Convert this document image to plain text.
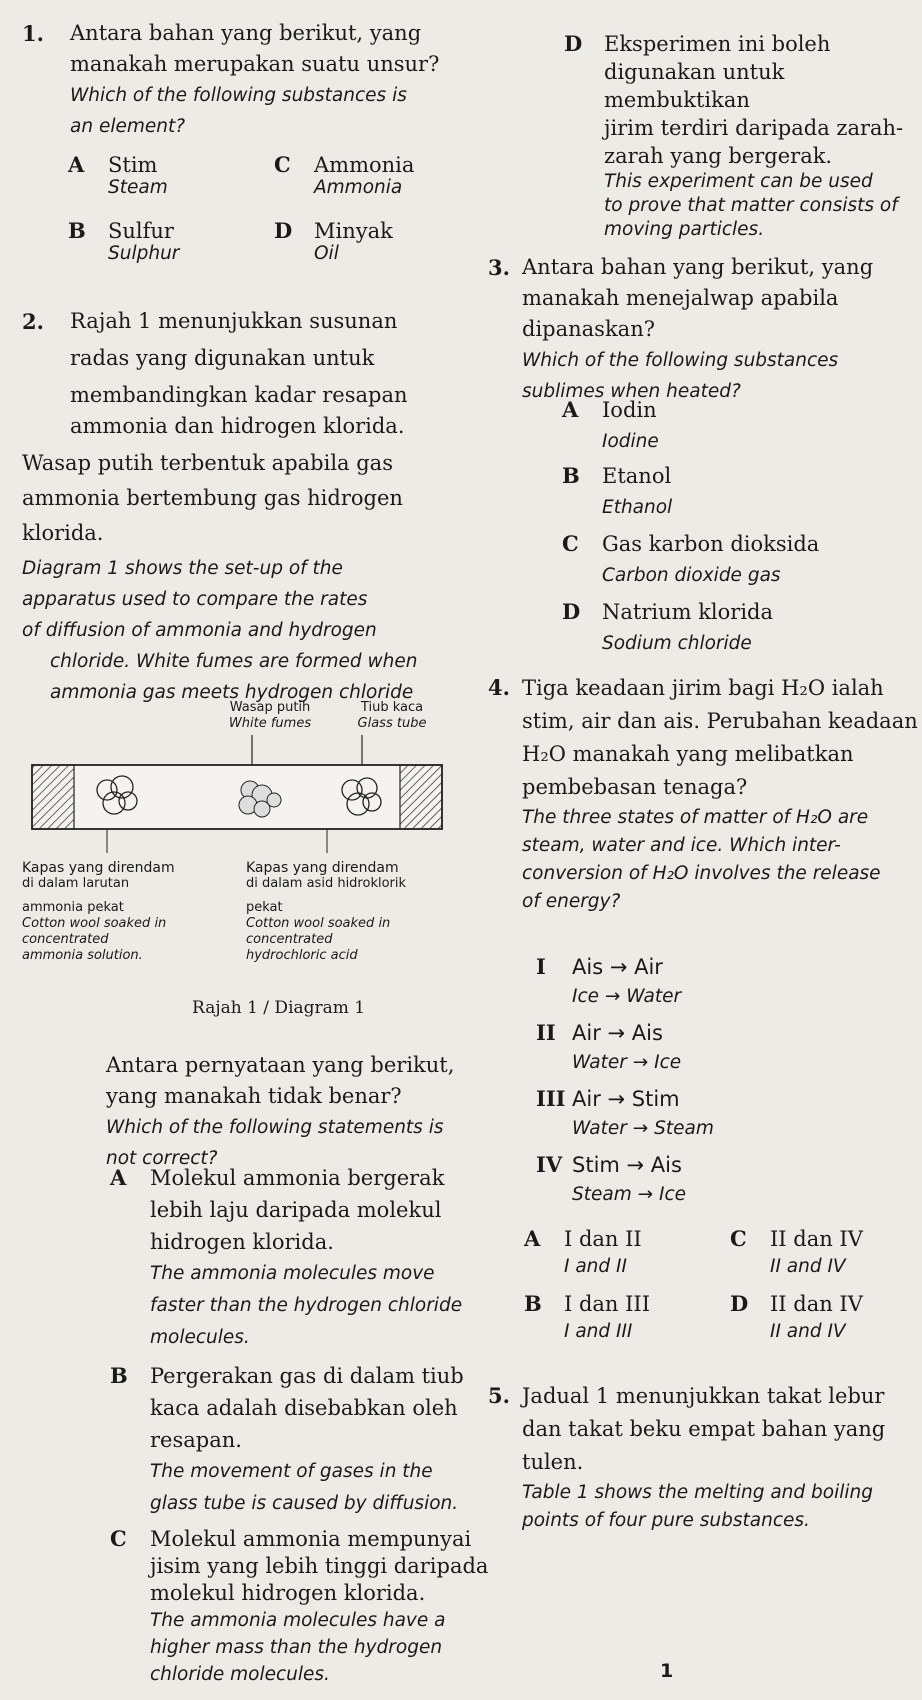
1. Antara bahan yang berikut, yang
manakah merupakan suatu unsur?
Which of the following substances is
an element?
A Stim
Steam
C Ammonia
Ammonia
B Sulfur
Sulphur
D Minyak
Oil
2. Rajah 1 menunjukkan susunan
radas yang digunakan untuk
membandingkan kadar resapan
ammonia dan hidrogen klorida.
Wasap putih terbentuk apabila gas
ammonia bertembung gas hidrogen
klorida.
Diagram 1 shows the set-up of the
apparatus used to compare the rates
of diffusion of ammonia and hydrogen
chloride. White fumes are formed when
ammonia gas meets hydrogen chloride
Wasap putih
White fumes
Tiub kaca
Glass tube
Kapas yang direndam
di dalam larutan
ammonia pekat
Cotton wool soaked in
concentrated
ammonia solution.
Kapas yang direndam
di dalam asid hidroklorik
pekat
Cotton wool soaked in
concentrated
hydrochloric acid
Rajah 1 / Diagram 1
Antara pernyataan yang berikut,
yang manakah tidak benar?
Which of the following statements is
not correct?
A Molekul ammonia bergerak
lebih laju daripada molekul
hidrogen klorida.
The ammonia molecules move
faster than the hydrogen chloride
molecules.
B Pergerakan gas di dalam tiub
kaca adalah disebabkan oleh
resapan.
The movement of gases in the
glass tube is caused by diffusion.
C Molekul ammonia mempunyai
jisim yang lebih tinggi daripada
molekul hidrogen klorida.
The ammonia molecules have a
higher mass than the hydrogen
chloride molecules.
D Eksperimen ini boleh
digunakan untuk membuktikan
jirim terdiri daripada zarah-
zarah yang bergerak.
This experiment can be used
to prove that matter consists of
moving particles.
3. Antara bahan yang berikut, yang
manakah menejalwap apabila
dipanaskan?
Which of the following substances
sublimes when heated?
A Iodin
Iodine
B Etanol
Ethanol
C Gas karbon dioksida
Carbon dioxide gas
D Natrium klorida
Sodium chloride
4. Tiga keadaan jirim bagi H₂O ialah
stim, air dan ais. Perubahan keadaan
H₂O manakah yang melibatkan
pembebasan tenaga?
The three states of matter of H₂O are
steam, water and ice. Which inter-
conversion of H₂O involves the release
of energy?
I Ais → Air
Ice → Water
II Air → Ais
Water → Ice
III Air → Stim
Water → Steam
IV Stim → Ais
Steam → Ice
A I dan II
I and II
C II dan IV
II and IV
B I dan III
I and III
D II dan IV
II and IV
5. Jadual 1 menunjukkan takat lebur
dan takat beku empat bahan yang
tulen.
Table 1 shows the melting and boiling
points of four pure substances.
1
